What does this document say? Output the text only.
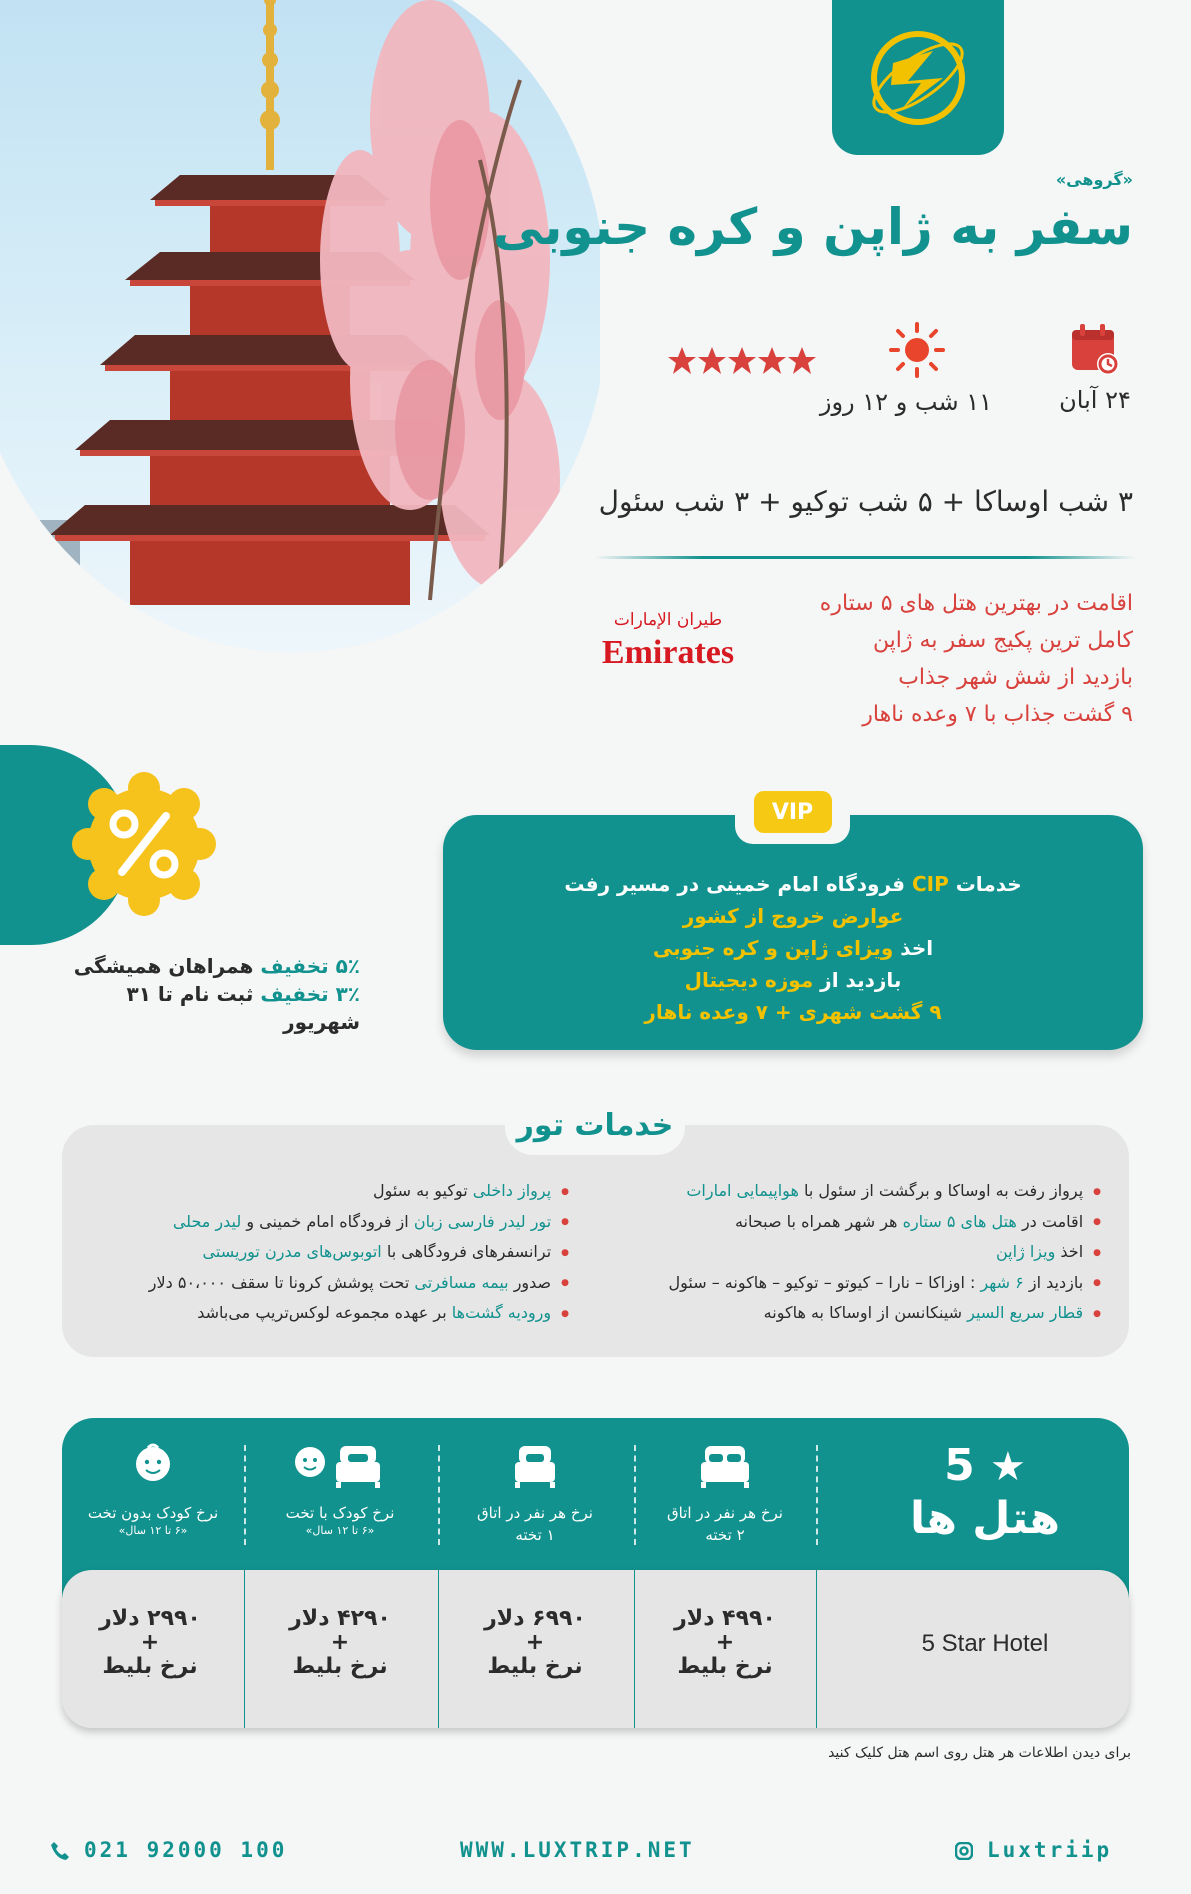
«گروهی»
سفر به ژاپن و کره جنوبی
۲۴ آبان
۱۱ شب و ۱۲ روز
۳ شب اوساکا + ۵ شب توکیو + ۳ شب سئول
اقامت در بهترین هتل های ۵ ستاره
کامل ترین پکیج سفر به ژاپن
بازدید از شش شهر جذاب
۹ گشت جذاب با ۷ وعده ناهار
طيران الإمارات
Emirates
۵٪ تخفیف همراهان همیشگی
۳٪ تخفیف ثبت نام تا ۳۱ شهریور
VIP
خدمات CIP فرودگاه امام خمینی در مسیر رفت
عوارض خروج از کشور
اخذ ویزای ژاپن و کره جنوبی
بازدید از موزه دیجیتال
۹ گشت شهری + ۷ وعده ناهار
خدمات تور
● پرواز رفت به اوساکا و برگشت از سئول با هواپیمایی امارات
● اقامت در هتل های ۵ ستاره هر شهر همراه با صبحانه
● اخذ ویزا ژاپن
● بازدید از ۶ شهر : اوزاکا – نارا – کیوتو – توکیو – هاکونه – سئول
● قطار سریع السیر شینکانسن از اوساکا به هاکونه
● پرواز داخلی توکیو به سئول
● تور لیدر فارسی زبان از فرودگاه امام خمینی و لیدر محلی
● ترانسفرهای فرودگاهی با اتوبوس‌های مدرن توریستی
● صدور بیمه مسافرتی تحت پوشش کرونا تا سقف ۵۰،۰۰۰ دلار
● ورودیه گشت‌ها بر عهده مجموعه لوکس‌تریپ می‌باشد
5 ★
هتل ها
نرخ هر نفر در اتاق
۲ تخته
نرخ هر نفر در اتاق
۱ تخته
نرخ کودک با تخت
«۶ تا ۱۲ سال»
نرخ کودک بدون تخت
«۶ تا ۱۲ سال»
5 Star Hotel
۴۹۹۰ دلار
+
نرخ بلیط
۶۹۹۰ دلار
+
نرخ بلیط
۴۲۹۰ دلار
+
نرخ بلیط
۲۹۹۰ دلار
+
نرخ بلیط
برای دیدن اطلاعات هر هتل روی اسم هتل کلیک کنید
021 92000 100	WWW.LUXTRIP.NET	Luxtriip
